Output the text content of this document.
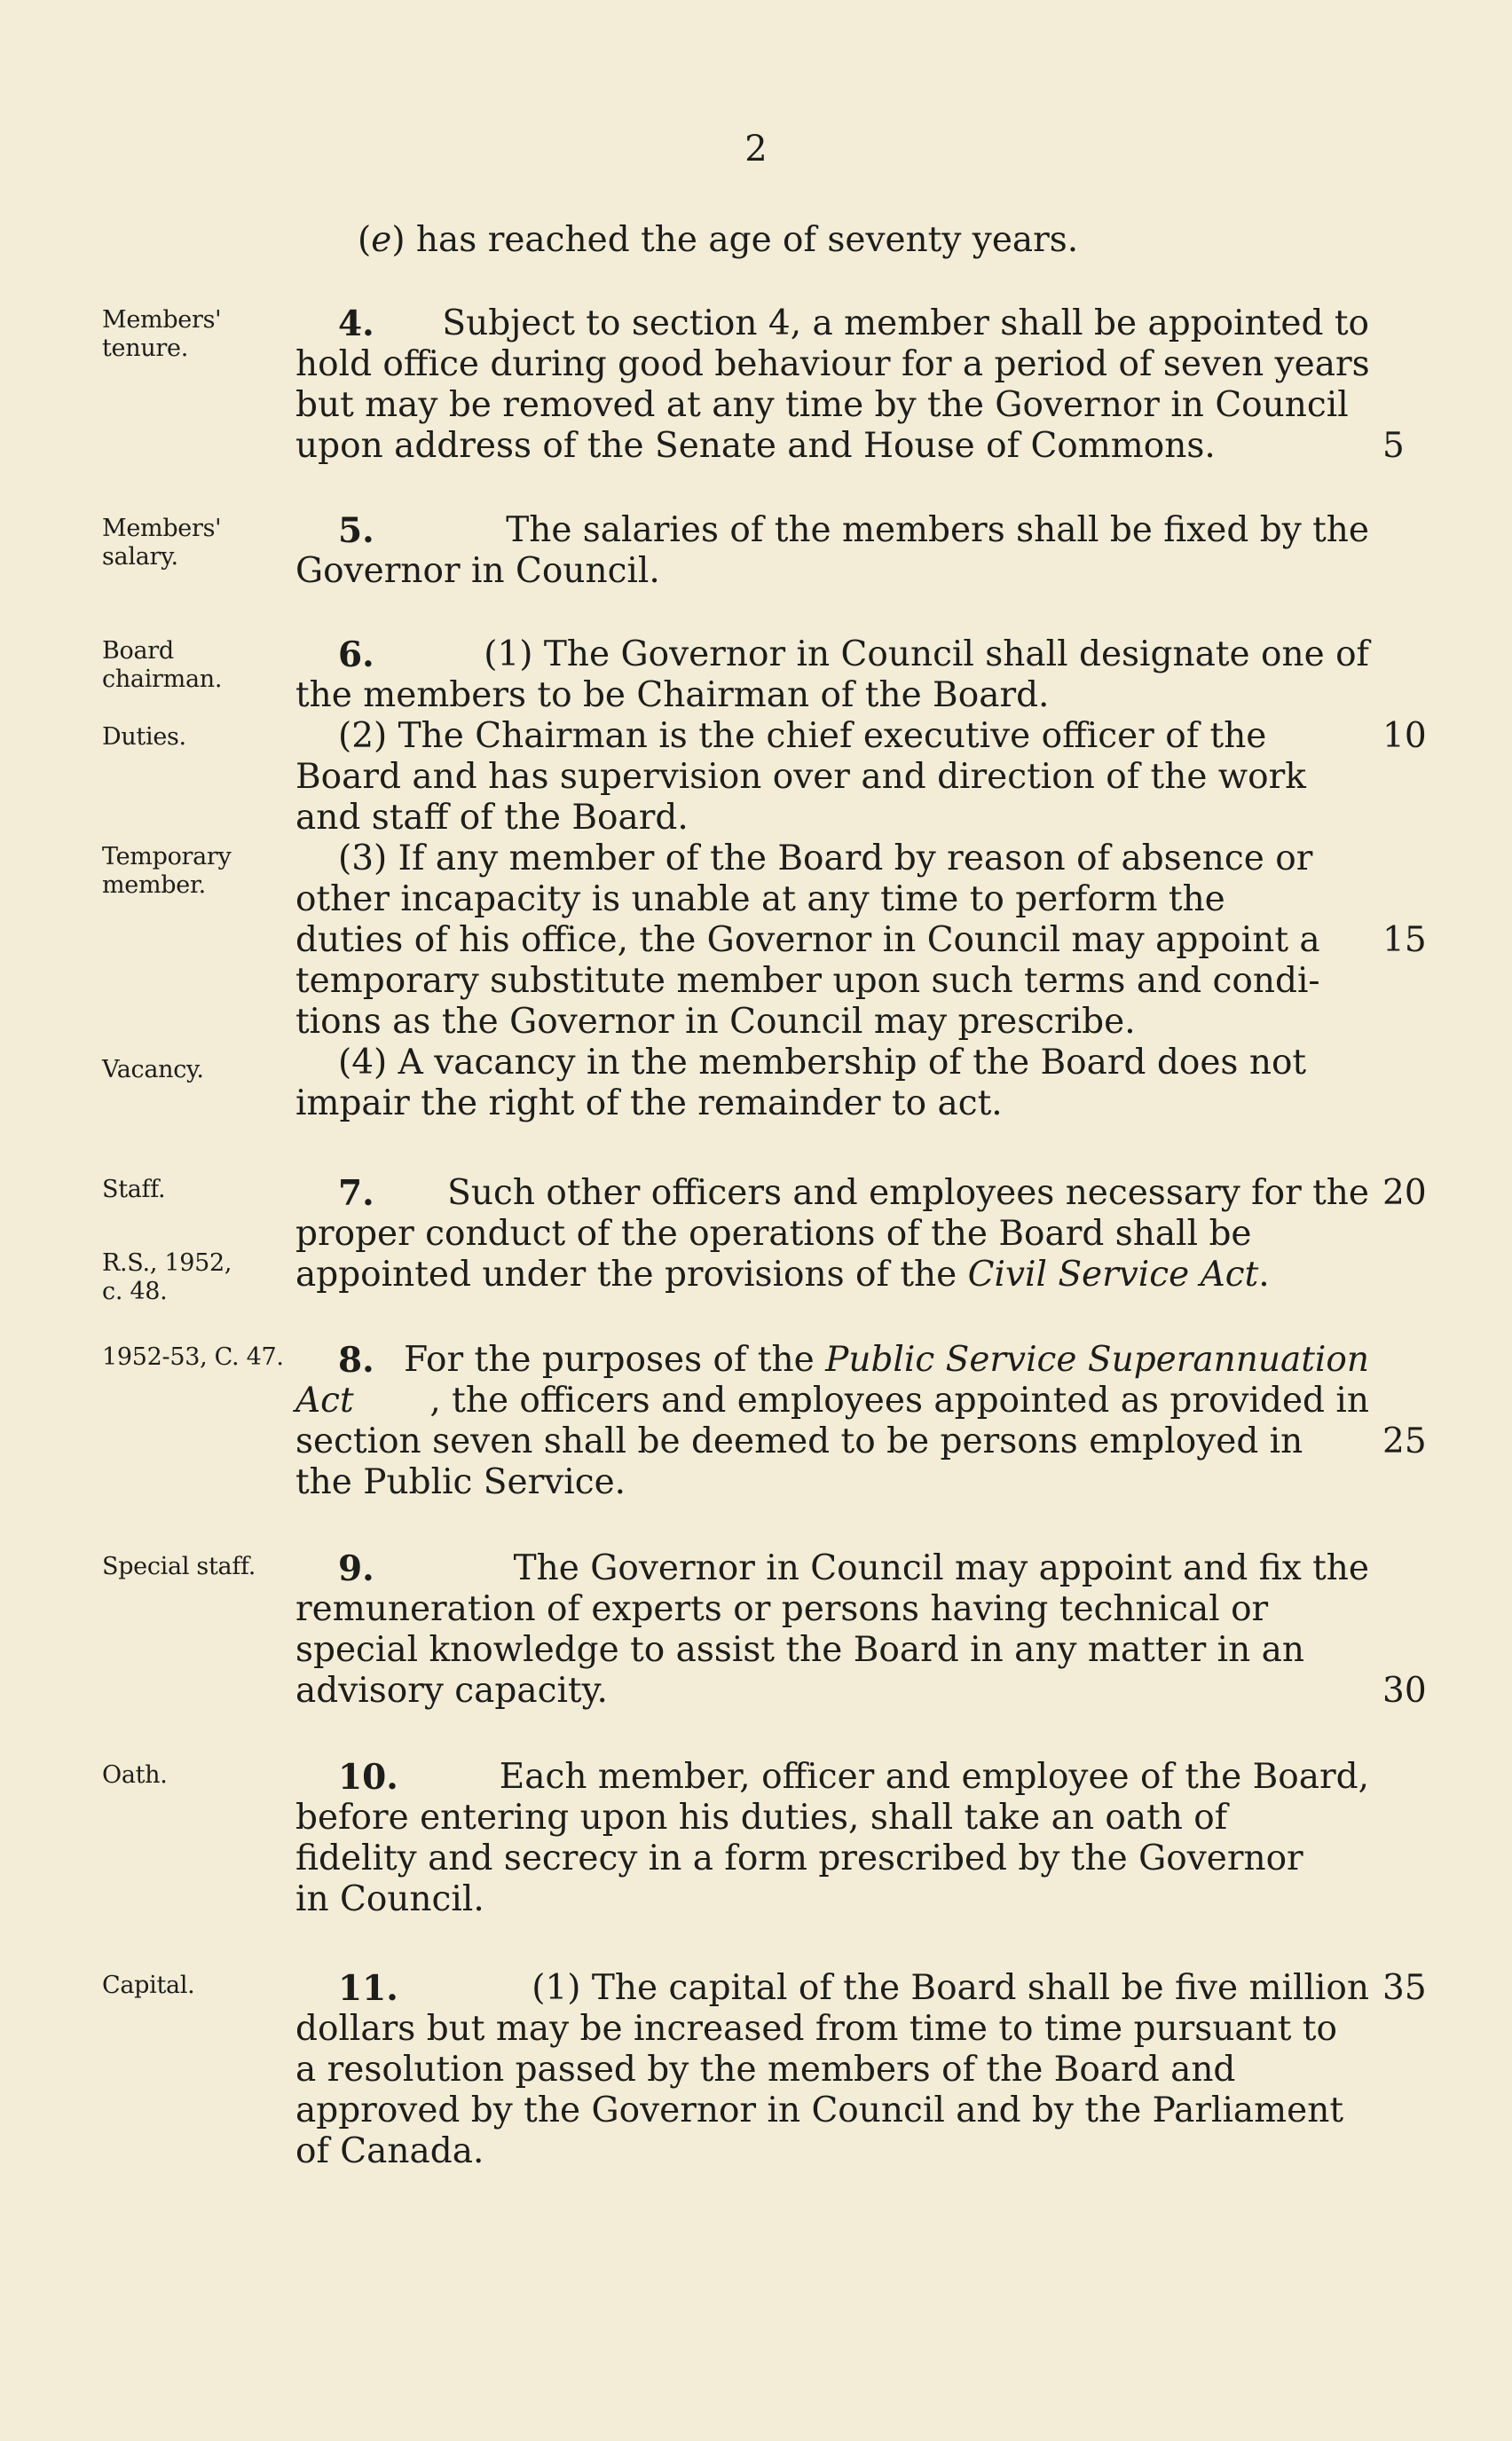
2
(e) has reached the age of seventy years.
Members'
tenure.
Members'
salary.
Board
chairman.
Duties.
Temporary
member.
Vacancy.
Staff.
R.S., 1952,
c. 48.
1952-53, C. 47.
Special staff.
Oath.
Capital.
4. Subject to section 4, a member shall be appointed to
hold office during good behaviour for a period of seven years
but may be removed at any time by the Governor in Council
upon address of the Senate and House of Commons.	5
5.	The salaries of the members shall be fixed by the
Governor in Council.
6.	(1) The Governor in Council shall designate one of
the members to be Chairman of the Board.
(2) The Chairman is the chief executive officer of the
Board and has supervision over and direction of the work
and staff of the Board.
(3) If any member of the Board by reason of absence or
other incapacity is unable at any time to perform the
duties of his office, the Governor in Council may appoint a
temporary substitute member upon such terms and condi-
tions as the Governor in Council may prescribe.
(4) A vacancy in the membership of the Board does not
impair the right of the remainder to act.
10
15
7. Such other officers and employees necessary for the
proper conduct of the operations of the Board shall be
appointed under the provisions of the Civil Service Act.
20
8. For the purposes of the Public Service Superannuation
Act , the officers and employees appointed as provided in
section seven shall be deemed to be persons employed in
the Public Service.
25
9.	The Governor in Council may appoint and fix the
remuneration of experts or persons having technical or
special knowledge to assist the Board in any matter in an
advisory capacity.	30
10.	Each member, officer and employee of the Board,
before entering upon his duties, shall take an oath of
fidelity and secrecy in a form prescribed by the Governor
in Council.
11.	(1) The capital of the Board shall be five million
dollars but may be increased from time to time pursuant to
a resolution passed by the members of the Board and
approved by the Governor in Council and by the Parliament
of Canada.
35
